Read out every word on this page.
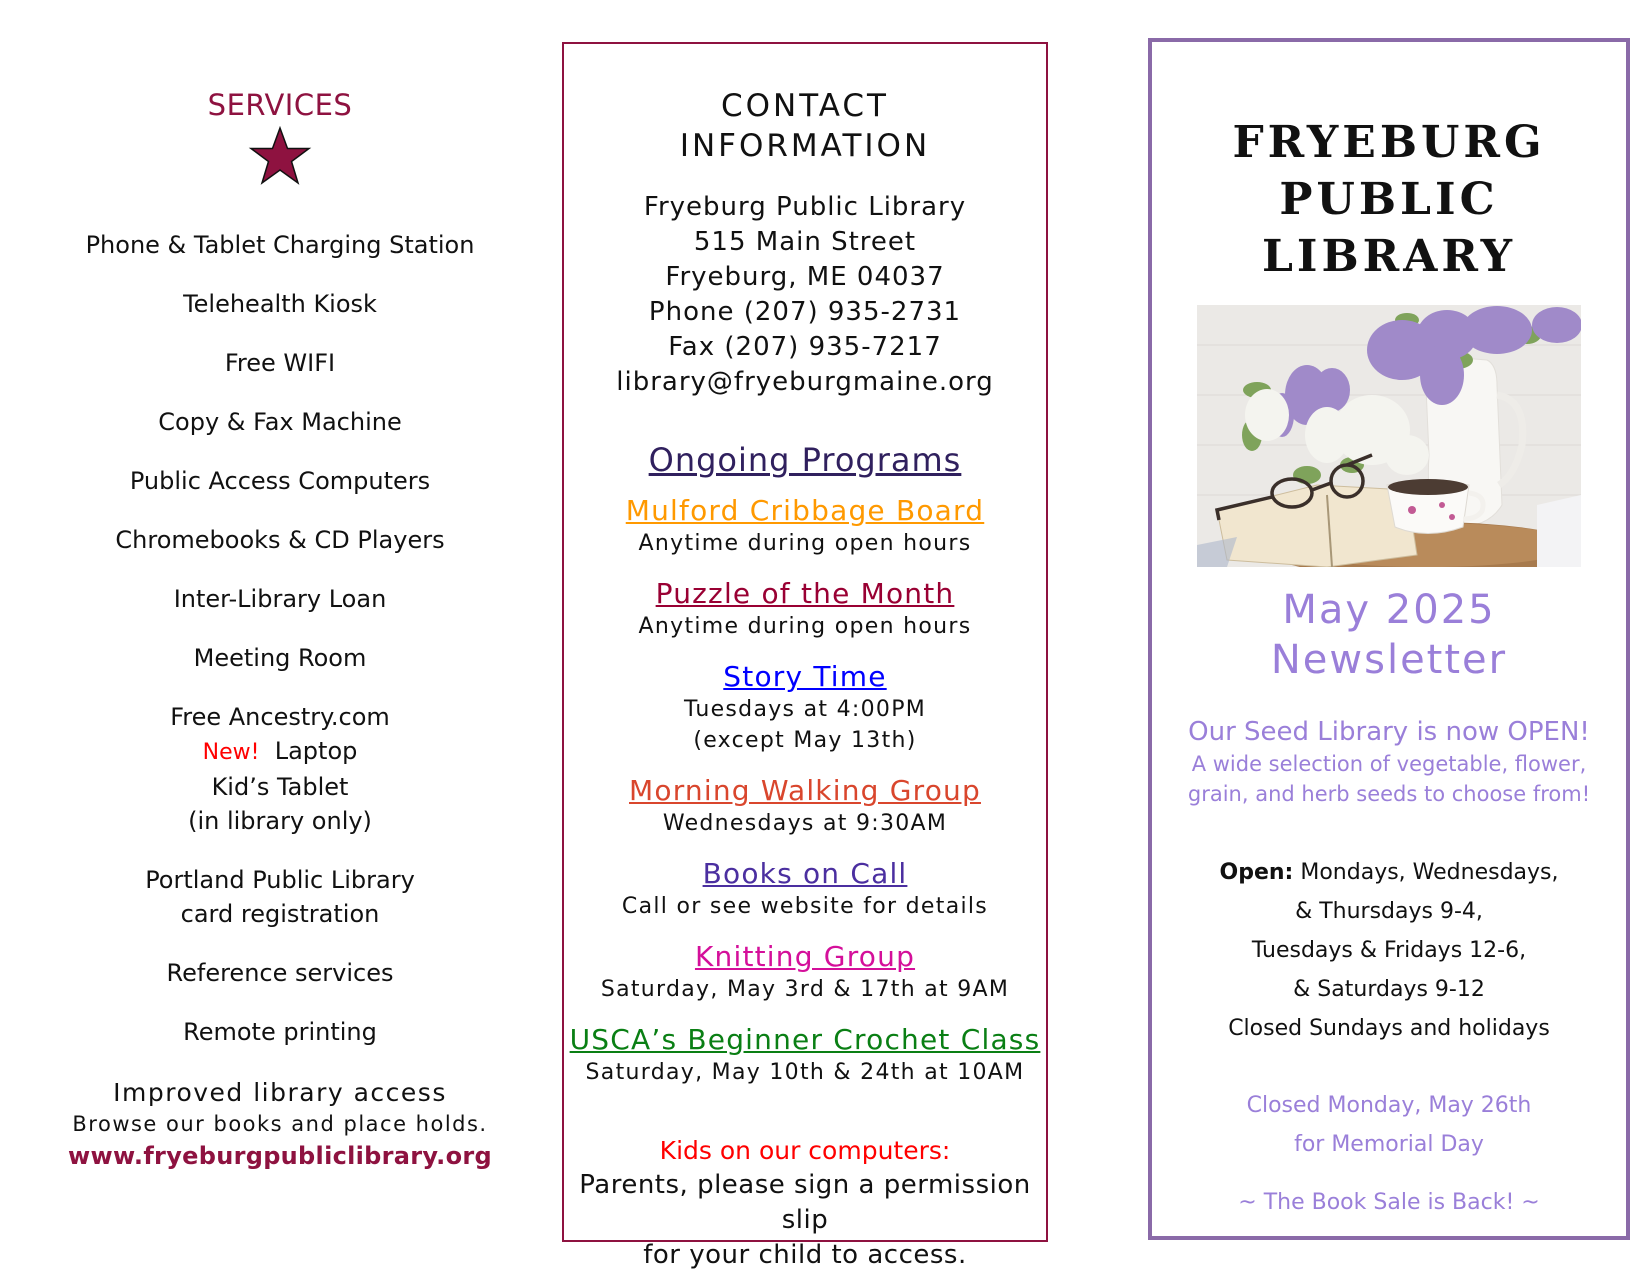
SERVICES
Phone & Tablet Charging Station
Telehealth Kiosk
Free WIFI
Copy & Fax Machine
Public Access Computers
Chromebooks & CD Players
Inter-Library Loan
Meeting Room
Free Ancestry.com
New! Laptop
Kid’s Tablet
(in library only)
Portland Public Library
card registration
Reference services
Remote printing
Improved library access
Browse our books and place holds.
www.fryeburgpubliclibrary.org
CONTACT
INFORMATION
Fryeburg Public Library
515 Main Street
Fryeburg, ME 04037
Phone (207) 935-2731
Fax (207) 935-7217
library@fryeburgmaine.org
Ongoing Programs
Mulford Cribbage Board
Anytime during open hours
Puzzle of the Month
Anytime during open hours
Story Time
Tuesdays at 4:00PM
(except May 13th)
Morning Walking Group
Wednesdays at 9:30AM
Books on Call
Call or see website for details
Knitting Group
Saturday, May 3rd & 17th at 9AM
USCA’s Beginner Crochet Class
Saturday, May 10th & 24th at 10AM
Kids on our computers:
Parents, please sign a permission slip
for your child to access.
FRYEBURG
PUBLIC
LIBRARY
May 2025
Newsletter
Our Seed Library is now OPEN!
A wide selection of vegetable, flower,
grain, and herb seeds to choose from!
Open: Mondays, Wednesdays,
& Thursdays 9-4,
Tuesdays & Fridays 12-6,
& Saturdays 9-12
Closed Sundays and holidays
Closed Monday, May 26th
for Memorial Day
~ The Book Sale is Back! ~
